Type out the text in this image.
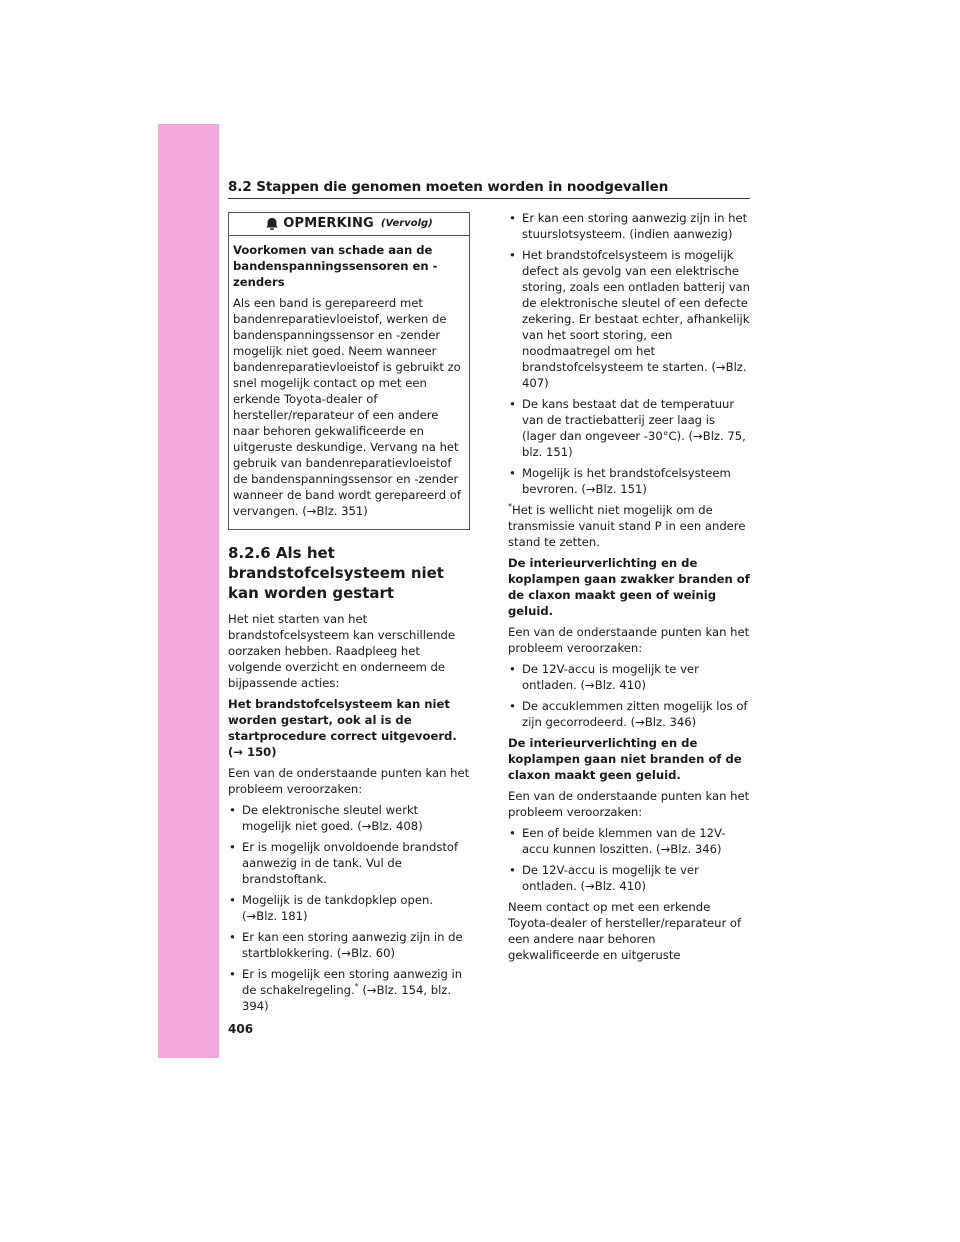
8.2 Stappen die genomen moeten worden in noodgevallen
OPMERKING (Vervolg)

Voorkomen van schade aan de bandenspanningssensoren en -zenders

Als een band is gerepareerd met bandenreparatievloeistof, werken de bandenspanningssensor en -zender mogelijk niet goed. Neem wanneer bandenreparatievloeistof is gebruikt zo snel mogelijk contact op met een erkende Toyota-dealer of hersteller/reparateur of een andere naar behoren gekwalificeerde en uitgeruste deskundige. Vervang na het gebruik van bandenreparatievloeistof de bandenspanningssensor en -zender wanneer de band wordt gerepareerd of vervangen. (→Blz. 351)

8.2.6 Als het brandstofcelsysteem niet kan worden gestart

Het niet starten van het brandstofcelsysteem kan verschillende oorzaken hebben. Raadpleeg het volgende overzicht en onderneem de bijpassende acties:

Het brandstofcelsysteem kan niet worden gestart, ook al is de startprocedure correct uitgevoerd. (→ 150)

Een van de onderstaande punten kan het probleem veroorzaken:

• De elektronische sleutel werkt mogelijk niet goed. (→Blz. 408)
• Er is mogelijk onvoldoende brandstof aanwezig in de tank. Vul de brandstoftank.
• Mogelijk is de tankdopklep open. (→Blz. 181)
• Er kan een storing aanwezig zijn in de startblokkering. (→Blz. 60)
• Er is mogelijk een storing aanwezig in de schakelregeling.* (→Blz. 154, blz. 394)
• Er kan een storing aanwezig zijn in het stuurslotsysteem. (indien aanwezig)
• Het brandstofcelsysteem is mogelijk defect als gevolg van een elektrische storing, zoals een ontladen batterij van de elektronische sleutel of een defecte zekering. Er bestaat echter, afhankelijk van het soort storing, een noodmaatregel om het brandstofcelsysteem te starten. (→Blz. 407)
• De kans bestaat dat de temperatuur van de tractiebatterij zeer laag is (lager dan ongeveer -30°C). (→Blz. 75, blz. 151)
• Mogelijk is het brandstofcelsysteem bevroren. (→Blz. 151)

*Het is wellicht niet mogelijk om de transmissie vanuit stand P in een andere stand te zetten.

De interieurverlichting en de koplampen gaan zwakker branden of de claxon maakt geen of weinig geluid.

Een van de onderstaande punten kan het probleem veroorzaken:

• De 12V-accu is mogelijk te ver ontladen. (→Blz. 410)
• De accuklemmen zitten mogelijk los of zijn gecorrodeerd. (→Blz. 346)

De interieurverlichting en de koplampen gaan niet branden of de claxon maakt geen geluid.

Een van de onderstaande punten kan het probleem veroorzaken:

• Een of beide klemmen van de 12V-accu kunnen loszitten. (→Blz. 346)
• De 12V-accu is mogelijk te ver ontladen. (→Blz. 410)

Neem contact op met een erkende Toyota-dealer of hersteller/reparateur of een andere naar behoren gekwalificeerde en uitgeruste

406
